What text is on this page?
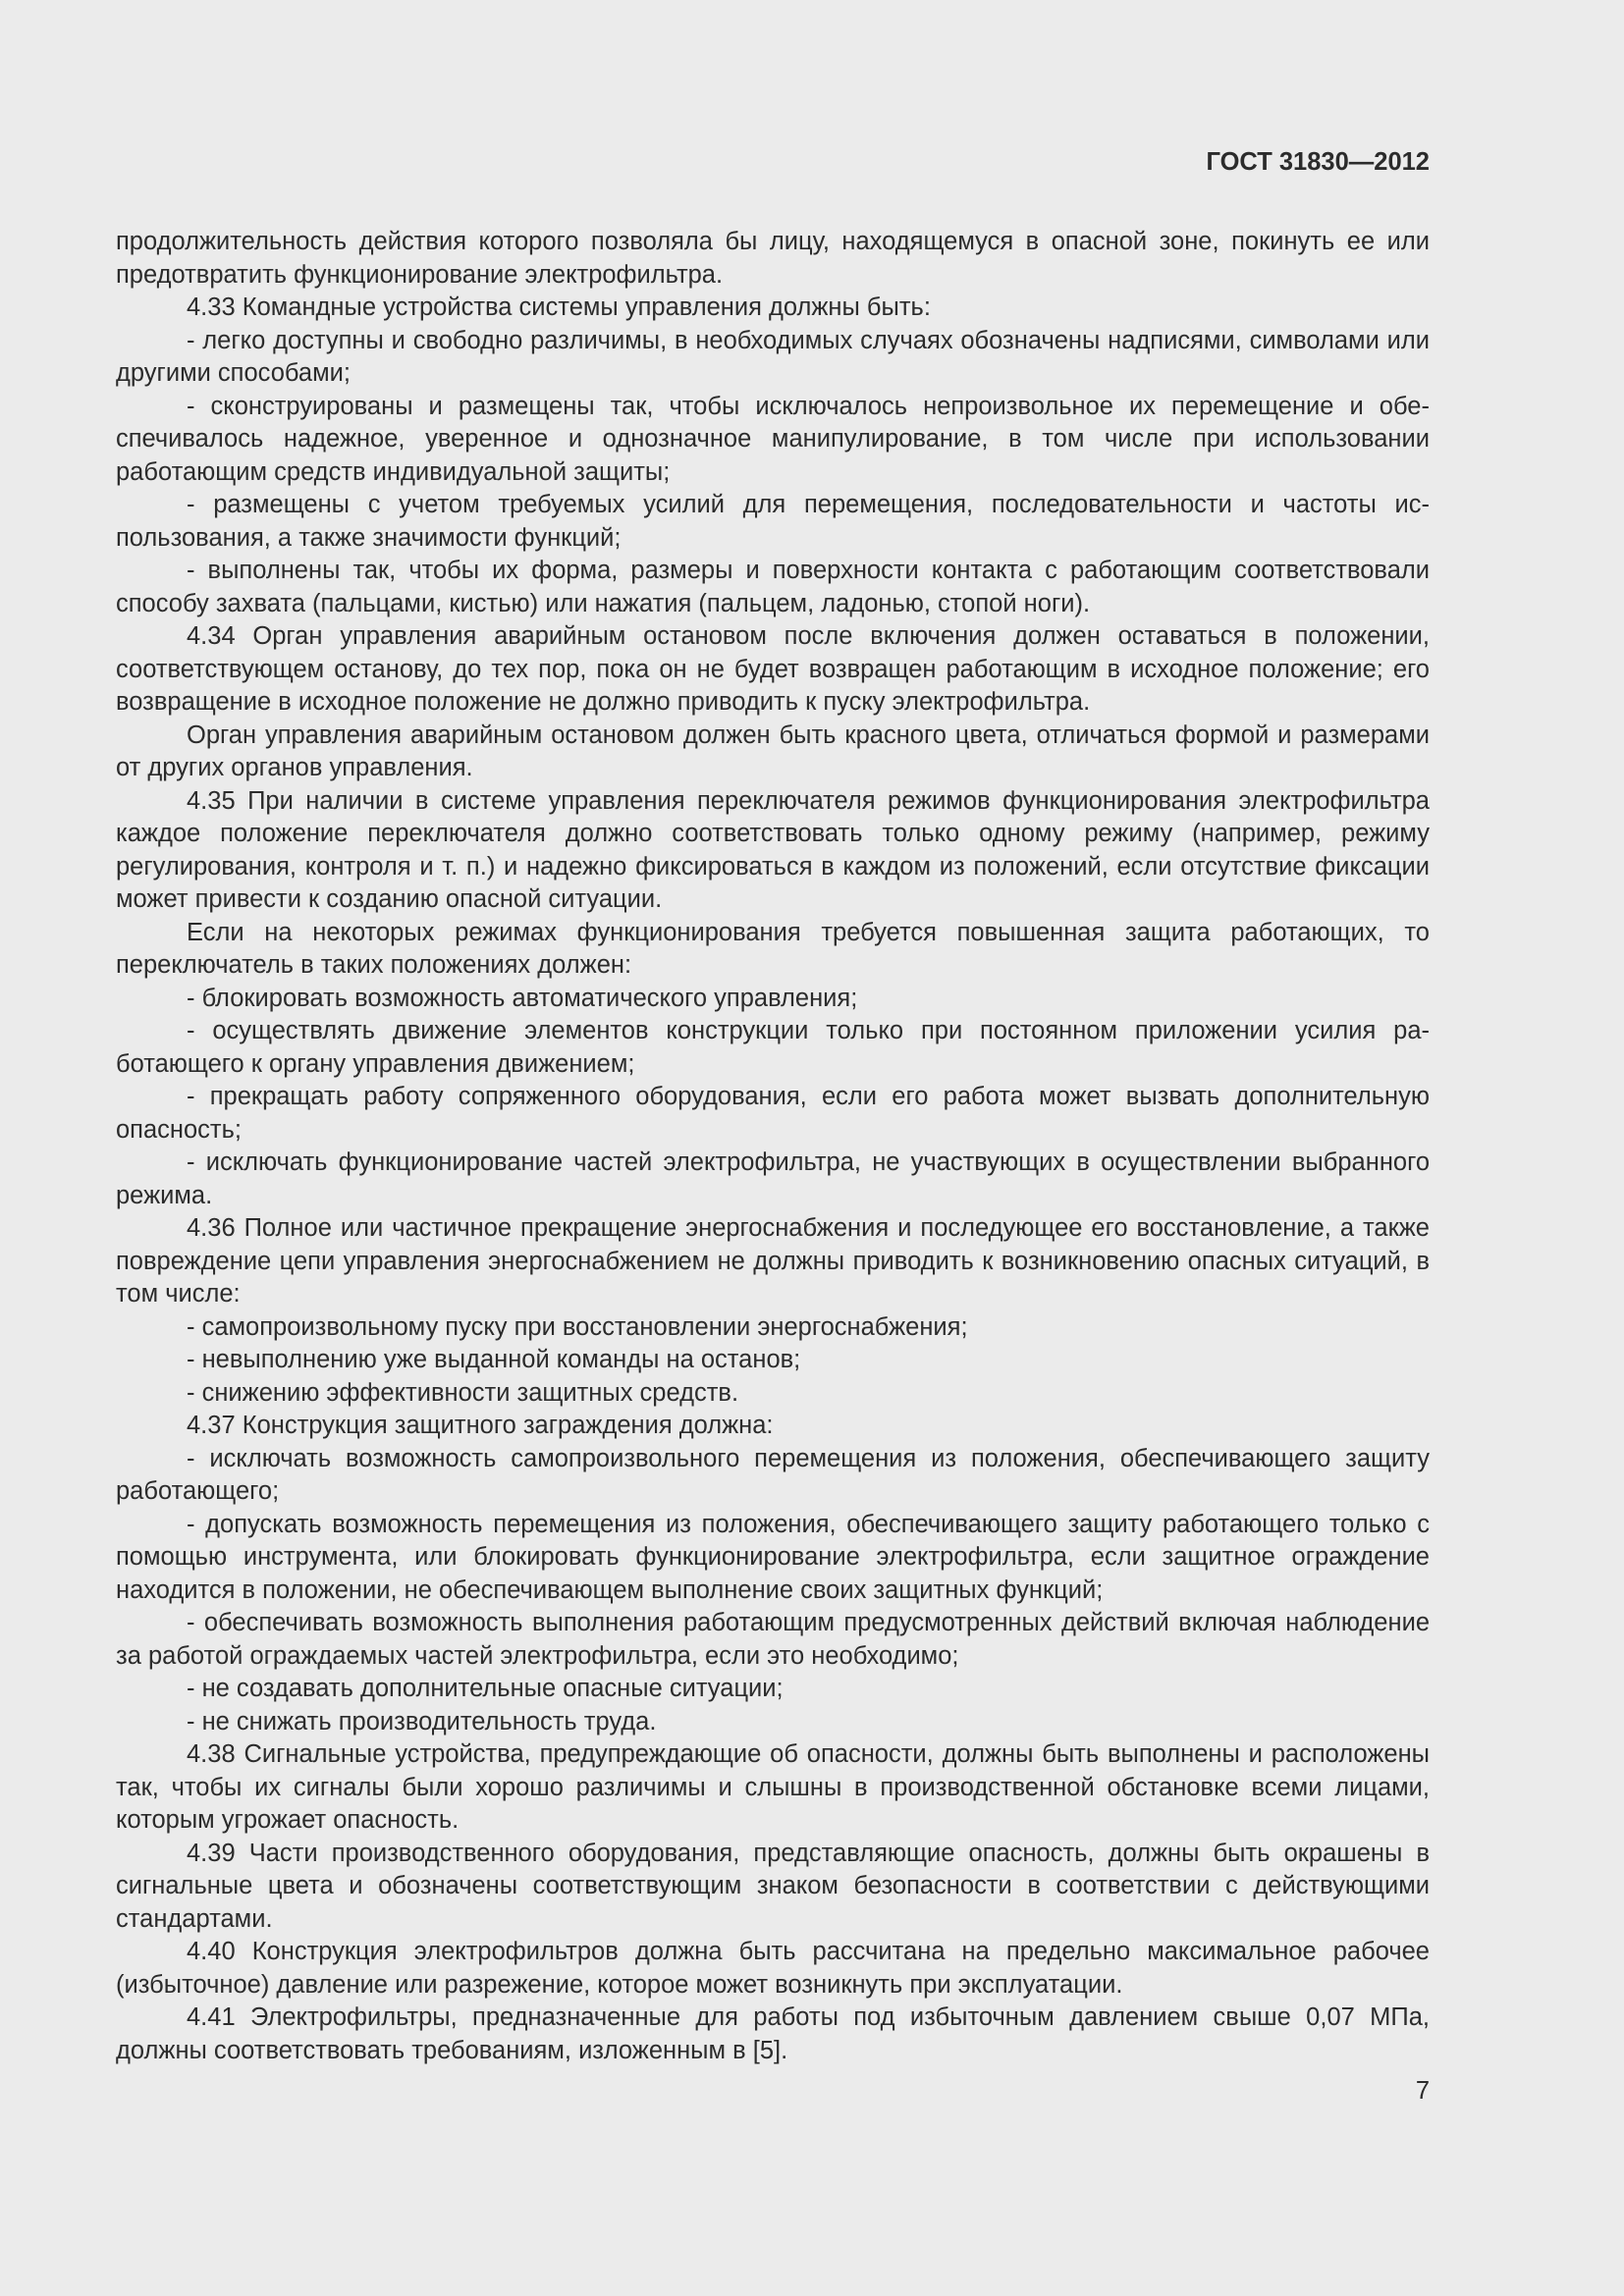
ГОСТ 31830—2012

продолжительность действия которого позволяла бы лицу, находящемуся в опасной зоне, покинуть ее или предотвратить функционирование электрофильтра.

4.33 Командные устройства системы управления должны быть:

- легко доступны и свободно различимы, в необходимых случаях обозначены надписями, символами или другими способами;

- сконструированы и размещены так, чтобы исключалось непроизвольное их перемещение и обеспечивалось надежное, уверенное и однозначное манипулирование, в том числе при использовании работающим средств индивидуальной защиты;

- размещены с учетом требуемых усилий для перемещения, последовательности и частоты использования, а также значимости функций;

- выполнены так, чтобы их форма, размеры и поверхности контакта с работающим соответствовали способу захвата (пальцами, кистью) или нажатия (пальцем, ладонью, стопой ноги).

4.34 Орган управления аварийным остановом после включения должен оставаться в положении, соответствующем останову, до тех пор, пока он не будет возвращен работающим в исходное положение; его возвращение в исходное положение не должно приводить к пуску электрофильтра.

Орган управления аварийным остановом должен быть красного цвета, отличаться формой и размерами от других органов управления.

4.35 При наличии в системе управления переключателя режимов функционирования электрофильтра каждое положение переключателя должно соответствовать только одному режиму (например, режиму регулирования, контроля и т. п.) и надежно фиксироваться в каждом из положений, если отсутствие фиксации может привести к созданию опасной ситуации.

Если на некоторых режимах функционирования требуется повышенная защита работающих, то переключатель в таких положениях должен:

- блокировать возможность автоматического управления;

- осуществлять движение элементов конструкции только при постоянном приложении усилия работающего к органу управления движением;

- прекращать работу сопряженного оборудования, если его работа может вызвать дополнительную опасность;

- исключать функционирование частей электрофильтра, не участвующих в осуществлении выбранного режима.

4.36 Полное или частичное прекращение энергоснабжения и последующее его восстановление, а также повреждение цепи управления энергоснабжением не должны приводить к возникновению опасных ситуаций, в том числе:

- самопроизвольному пуску при восстановлении энергоснабжения;

- невыполнению уже выданной команды на останов;

- снижению эффективности защитных средств.

4.37 Конструкция защитного заграждения должна:

- исключать возможность самопроизвольного перемещения из положения, обеспечивающего защиту работающего;

- допускать возможность перемещения из положения, обеспечивающего защиту работающего только с помощью инструмента, или блокировать функционирование электрофильтра, если защитное ограждение находится в положении, не обеспечивающем выполнение своих защитных функций;

- обеспечивать возможность выполнения работающим предусмотренных действий включая наблюдение за работой ограждаемых частей электрофильтра, если это необходимо;

- не создавать дополнительные опасные ситуации;

- не снижать производительность труда.

4.38 Сигнальные устройства, предупреждающие об опасности, должны быть выполнены и расположены так, чтобы их сигналы были хорошо различимы и слышны в производственной обстановке всеми лицами, которым угрожает опасность.

4.39 Части производственного оборудования, представляющие опасность, должны быть окрашены в сигнальные цвета и обозначены соответствующим знаком безопасности в соответствии с действующими стандартами.

4.40 Конструкция электрофильтров должна быть рассчитана на предельно максимальное рабочее (избыточное) давление или разрежение, которое может возникнуть при эксплуатации.

4.41 Электрофильтры, предназначенные для работы под избыточным давлением свыше 0,07 МПа, должны соответствовать требованиям, изложенным в [5].

7
